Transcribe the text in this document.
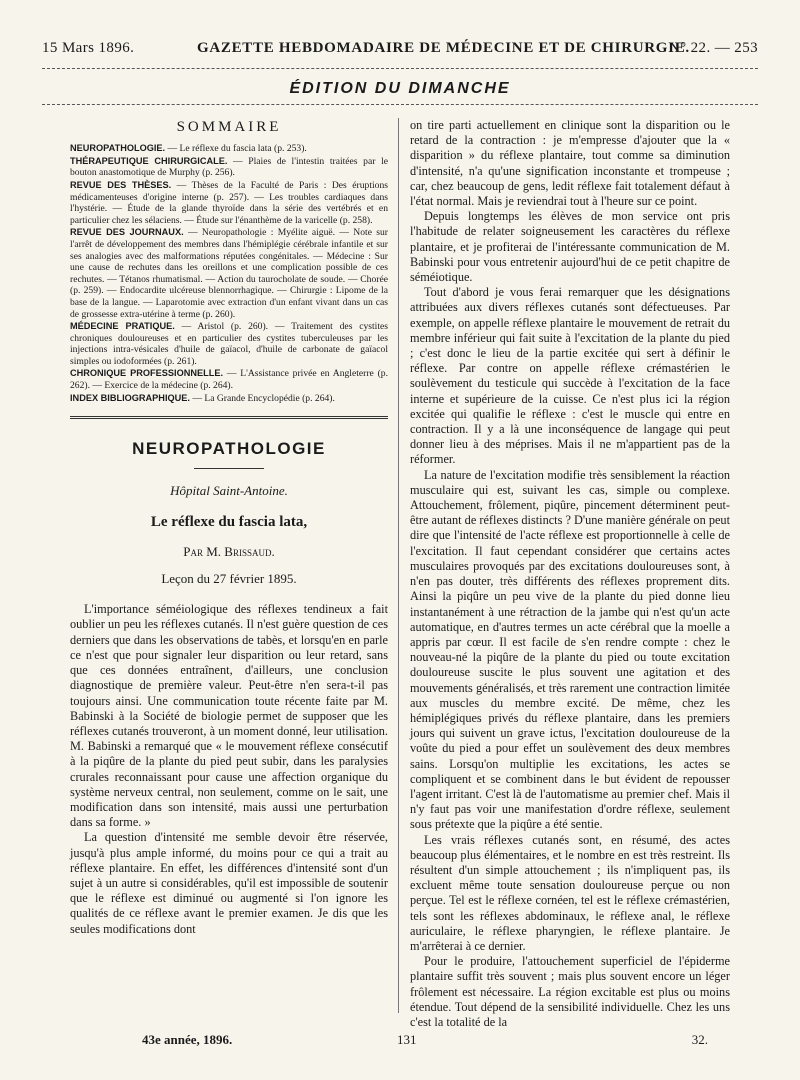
15 Mars 1896.	GAZETTE HEBDOMADAIRE DE MÉDECINE ET DE CHIRURGIE.
N° 22. — 253
ÉDITION DU DIMANCHE
SOMMAIRE

NEUROPATHOLOGIE. — Le réflexe du fascia lata (p. 253).

THÉRAPEUTIQUE CHIRURGICALE. — Plaies de l'intestin traitées par le bouton anastomotique de Murphy (p. 256).

REVUE DES THÈSES. — Thèses de la Faculté de Paris : Des éruptions médicamenteuses d'origine interne (p. 257). — Les troubles cardiaques dans l'hystérie. — Étude de la glande thyroïde dans la série des vertébrés et en particulier chez les sélaciens. — Étude sur l'énanthème de la varicelle (p. 258).

REVUE DES JOURNAUX. — Neuropathologie : Myélite aiguë. — Note sur l'arrêt de développement des membres dans l'hémiplégie cérébrale infantile et sur ses analogies avec des malformations réputées congénitales. — Médecine : Sur une cause de rechutes dans les oreillons et une complication possible de ces rechutes. — Tétanos rhumatismal. — Action du taurocholate de soude. — Chorée (p. 259). — Endocardite ulcéreuse blennorrhagique. — Chirurgie : Lipome de la base de la langue. — Laparotomie avec extraction d'un enfant vivant dans un cas de grossesse extra-utérine à terme (p. 260).

MÉDECINE PRATIQUE. — Aristol (p. 260). — Traitement des cystites chroniques douloureuses et en particulier des cystites tuberculeuses par les injections intra-vésicales d'huile de gaïacol, d'huile de carbonate de gaïacol simples ou iodoformées (p. 261).

CHRONIQUE PROFESSIONNELLE. — L'Assistance privée en Angleterre (p. 262). — Exercice de la médecine (p. 264).

INDEX BIBLIOGRAPHIQUE. — La Grande Encyclopédie (p. 264).

NEUROPATHOLOGIE
Hôpital Saint-Antoine.
Le réflexe du fascia lata,
Par M. Brissaud.
Leçon du 27 février 1895.

L'importance séméiologique des réflexes tendineux a fait oublier un peu les réflexes cutanés. Il n'est guère question de ces derniers que dans les observations de tabès, et lorsqu'en en parle ce n'est que pour signaler leur disparition ou leur retard, sans que ces données entraînent, d'ailleurs, une conclusion diagnostique de première valeur. Peut-être n'en sera-t-il pas toujours ainsi. Une communication toute récente faite par M. Babinski à la Société de biologie permet de supposer que les réflexes cutanés trouveront, à un moment donné, leur utilisation. M. Babinski a remarqué que « le mouvement réflexe consécutif à la piqûre de la plante du pied peut subir, dans les paralysies crurales reconnaissant pour cause une affection organique du système nerveux central, non seulement, comme on le sait, une modification dans son intensité, mais aussi une perturbation dans sa forme. »

La question d'intensité me semble devoir être réservée, jusqu'à plus ample informé, du moins pour ce qui a trait au réflexe plantaire. En effet, les différences d'intensité sont d'un sujet à un autre si considérables, qu'il est impossible de soutenir que le réflexe est diminué ou augmenté si l'on ignore les qualités de ce réflexe avant le premier examen. Je dis que les seules modifications dont

on tire parti actuellement en clinique sont la disparition ou le retard de la contraction : je m'empresse d'ajouter que la « disparition » du réflexe plantaire, tout comme sa diminution d'intensité, n'a qu'une signification inconstante et trompeuse ; car, chez beaucoup de gens, ledit réflexe fait totalement défaut à l'état normal. Mais je reviendrai tout à l'heure sur ce point.

Depuis longtemps les élèves de mon service ont pris l'habitude de relater soigneusement les caractères du réflexe plantaire, et je profiterai de l'intéressante communication de M. Babinski pour vous entretenir aujourd'hui de ce petit chapitre de séméiotique.

Tout d'abord je vous ferai remarquer que les désignations attribuées aux divers réflexes cutanés sont défectueuses. Par exemple, on appelle réflexe plantaire le mouvement de retrait du membre inférieur qui fait suite à l'excitation de la plante du pied ; c'est donc le lieu de la partie excitée qui sert à définir le réflexe. Par contre on appelle réflexe crémastérien le soulèvement du testicule qui succède à l'excitation de la face interne et supérieure de la cuisse. Ce n'est plus ici la région excitée qui qualifie le réflexe : c'est le muscle qui entre en contraction. Il y a là une inconséquence de langage qui peut donner lieu à des méprises. Mais il ne m'appartient pas de la réformer.

La nature de l'excitation modifie très sensiblement la réaction musculaire qui est, suivant les cas, simple ou complexe. Attouchement, frôlement, piqûre, pincement déterminent peut-être autant de réflexes distincts ? D'une manière générale on peut dire que l'intensité de l'acte réflexe est proportionnelle à celle de l'excitation. Il faut cependant considérer que certains actes musculaires provoqués par des excitations douloureuses sont, à n'en pas douter, très différents des réflexes proprement dits. Ainsi la piqûre un peu vive de la plante du pied donne lieu instantanément à une rétraction de la jambe qui n'est qu'un acte automatique, en d'autres termes un acte cérébral que la moelle a appris par cœur. Il est facile de s'en rendre compte : chez le nouveau-né la piqûre de la plante du pied ou toute excitation douloureuse suscite le plus souvent une agitation et des mouvements généralisés, et très rarement une contraction limitée aux muscles du membre excité. De même, chez les hémiplégiques privés du réflexe plantaire, dans les premiers jours qui suivent un grave ictus, l'excitation douloureuse de la voûte du pied a pour effet un soulèvement des deux membres sains. Lorsqu'on multiplie les excitations, les actes se compliquent et se combinent dans le but évident de repousser l'agent irritant. C'est là de l'automatisme au premier chef. Mais il n'y faut pas voir une manifestation d'ordre réflexe, seulement sous prétexte que la piqûre a été sentie.

Les vrais réflexes cutanés sont, en résumé, des actes beaucoup plus élémentaires, et le nombre en est très restreint. Ils résultent d'un simple attouchement ; ils n'impliquent pas, ils excluent même toute sensation douloureuse perçue ou non perçue. Tel est le réflexe cornéen, tel est le réflexe crémastérien, tels sont les réflexes abdominaux, le réflexe anal, le réflexe auriculaire, le réflexe pharyngien, le réflexe plantaire. Je m'arrêterai à ce dernier.

Pour le produire, l'attouchement superficiel de l'épiderme plantaire suffit très souvent ; mais plus souvent encore un léger frôlement est nécessaire. La région excitable est plus ou moins étendue. Tout dépend de la sensibilité individuelle. Chez les uns c'est la totalité de la

43e année, 1896.	131	32.
